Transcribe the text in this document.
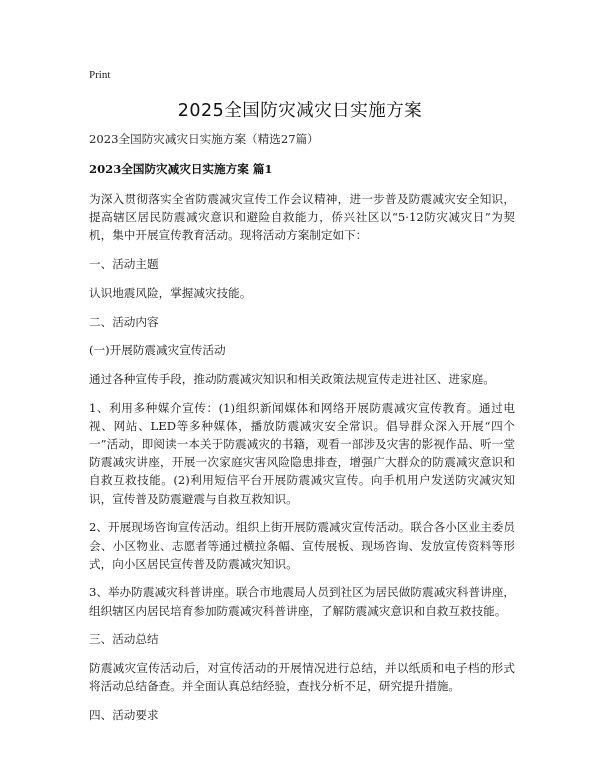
Print
2025全国防灾减灾日实施方案

2023全国防灾减灾日实施方案（精选27篇）

2023全国防灾减灾日实施方案 篇1

为深入贯彻落实全省防震减灾宣传工作会议精神，进一步普及防震减灾安全知识，提高辖区居民防震减灾意识和避险自救能力，侨兴社区以“5·12防灾减灾日”为契机，集中开展宣传教育活动。现将活动方案制定如下：

一、活动主题

认识地震风险，掌握减灾技能。

二、活动内容

(一)开展防震减灾宣传活动

通过各种宣传手段，推动防震减灾知识和相关政策法规宣传走进社区、进家庭。

1、利用多种媒介宣传：(1)组织新闻媒体和网络开展防震减灾宣传教育。通过电视、网站、LED等多种媒体，播放防震减灾安全常识。倡导群众深入开展“四个一”活动，即阅读一本关于防震减灾的书籍，观看一部涉及灾害的影视作品、听一堂防震减灾讲座，开展一次家庭灾害风险隐患排查，增强广大群众的防震减灾意识和自救互救技能。(2)利用短信平台开展防震减灾宣传。向手机用户发送防灾减灾知识，宣传普及防震避震与自救互救知识。

2、开展现场咨询宣传活动。组织上街开展防震减灾宣传活动。联合各小区业主委员会、小区物业、志愿者等通过横拉条幅、宣传展板、现场咨询、发放宣传资料等形式，向小区居民宣传普及防震减灾知识。

3、举办防震减灾科普讲座。联合市地震局人员到社区为居民做防震减灾科普讲座，组织辖区内居民培育参加防震减灾科普讲座，了解防震减灾意识和自救互救技能。

三、活动总结

防震减灾宣传活动后，对宣传活动的开展情况进行总结，并以纸质和电子档的形式将活动总结备查。并全面认真总结经验，查找分析不足，研究提升措施。

四、活动要求
